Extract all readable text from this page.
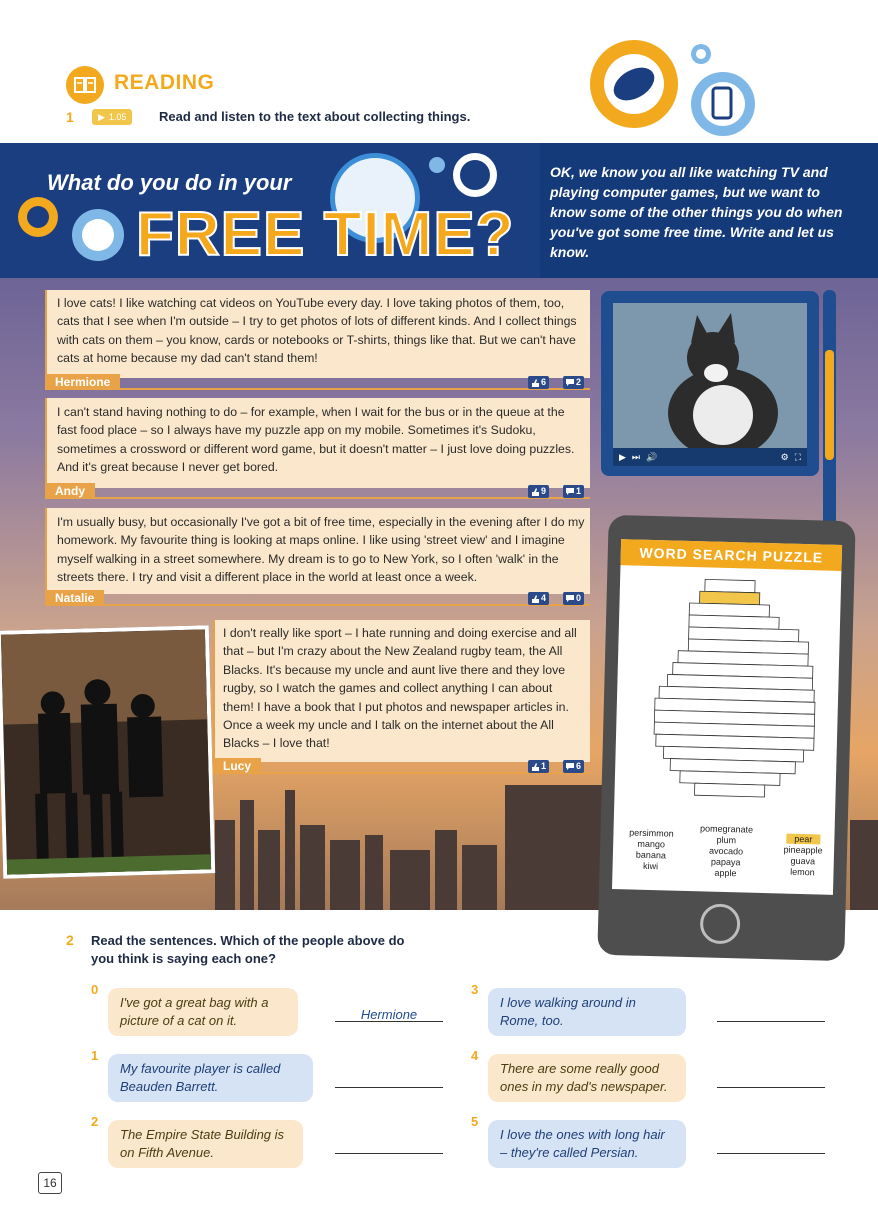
READING
1	▶ 1.05	Read and listen to the text about collecting things.
What do you do in your
FREE TIME?
OK, we know you all like watching TV and playing computer games, but we want to know some of the other things you do when you've got some free time. Write and let us know.
I love cats! I like watching cat videos on YouTube every day. I love taking photos of them, too, cats that I see when I'm outside – I try to get photos of lots of different kinds. And I collect things with cats on them – you know, cards or notebooks or T-shirts, things like that. But we can't have cats at home because my dad can't stand them!
Hermione	6	2
I can't stand having nothing to do – for example, when I wait for the bus or in the queue at the fast food place – so I always have my puzzle app on my mobile. Sometimes it's Sudoku, sometimes a crossword or different word game, but it doesn't matter – I just love doing puzzles. And it's great because I never get bored.
Andy	9	1
I'm usually busy, but occasionally I've got a bit of free time, especially in the evening after I do my homework. My favourite thing is looking at maps online. I like using 'street view' and I imagine myself walking in a street somewhere. My dream is to go to New York, so I often 'walk' in the streets there. I try and visit a different place in the world at least once a week.
Natalie	4	0
I don't really like sport – I hate running and doing exercise and all that – but I'm crazy about the New Zealand rugby team, the All Blacks. It's because my uncle and aunt live there and they love rugby, so I watch the games and collect anything I can about them! I have a book that I put photos and newspaper articles in. Once a week my uncle and I talk on the internet about the All Blacks – I love that!
Lucy	1	6
▶ ⏭ 🔊	⚙ ⛶
WORD SEARCH PUZZLE
persimmon
mango
banana
kiwi
pomegranate
plum
avocado
papaya
apple
pear
pineapple
guava
lemon
2 Read the sentences. Which of the people above do you think is saying each one?
0
I've got a great bag with a picture of a cat on it.	Hermione
1
My favourite player is called Beauden Barrett.
2
The Empire State Building is on Fifth Avenue.
3
I love walking around in Rome, too.
4
There are some really good ones in my dad's newspaper.
5
I love the ones with long hair – they're called Persian.
16
